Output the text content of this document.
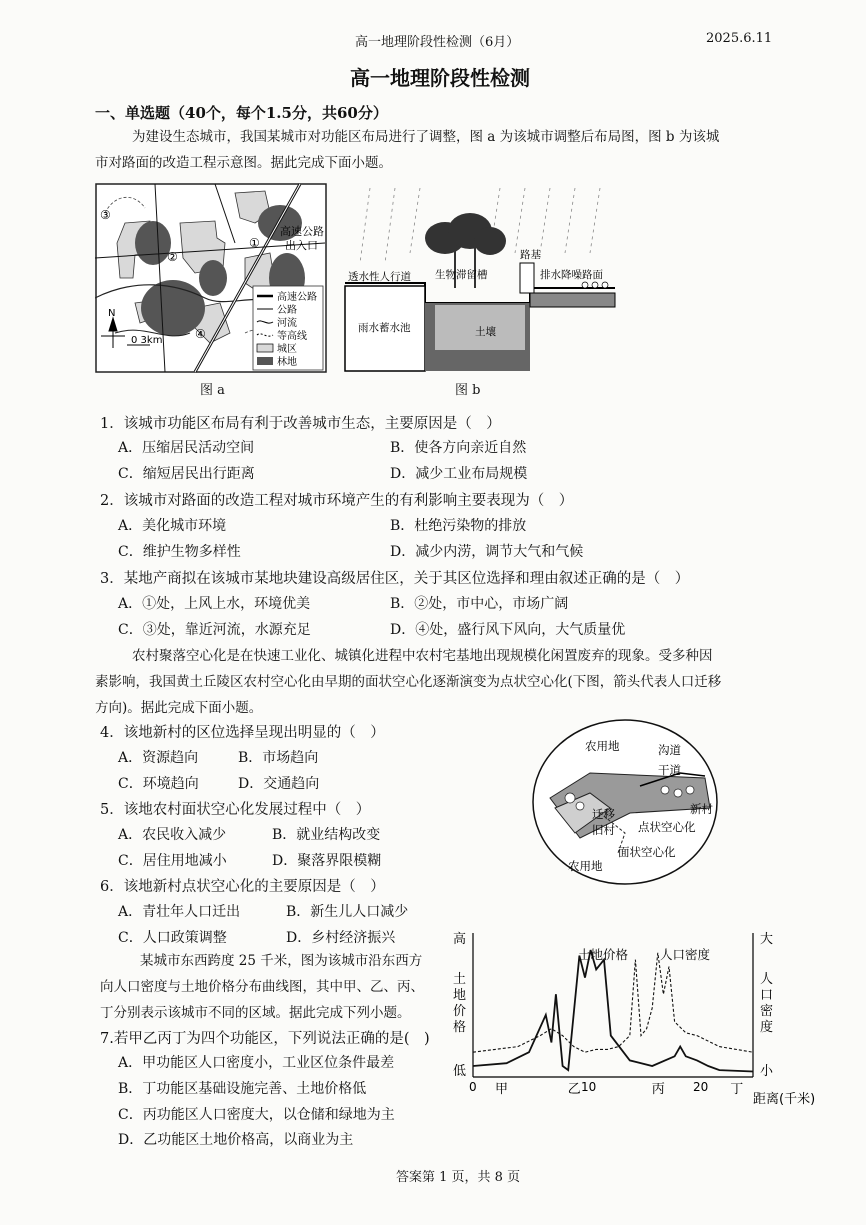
高一地理阶段性检测（6月）	2025.6.11
高一地理阶段性检测
一、单选题（40个，每个1.5分，共60分）
为建设生态城市，我国某城市对功能区布局进行了调整，图 a 为该城市调整后布局图，图 b 为该城
市对路面的改造工程示意图。据此完成下面小题。
③
②
①
④
高速公路
出入口
高速公路
公路
河流
等高线
城区
林地
N
0 3km
图 a
透水性人行道 生物滞留槽
路基
排水降噪路面
雨水蓄水池	土壤
图 b
1．该城市功能区布局有利于改善城市生态，主要原因是（　）
A．压缩居民活动空间	B．使各方向亲近自然
C．缩短居民出行距离	D．减少工业布局规模
2．该城市对路面的改造工程对城市环境产生的有利影响主要表现为（　）
A．美化城市环境	B．杜绝污染物的排放
C．维护生物多样性	D．减少内涝，调节大气和气候
3．某地产商拟在该城市某地块建设高级居住区，关于其区位选择和理由叙述正确的是（　）
A．①处，上风上水，环境优美	B．②处，市中心，市场广阔
C．③处，靠近河流，水源充足	D．④处，盛行风下风向，大气质量优
农村聚落空心化是在快速工业化、城镇化进程中农村宅基地出现规模化闲置废弃的现象。受多种因
素影响，我国黄土丘陵区农村空心化由早期的面状空心化逐渐演变为点状空心化(下图，箭头代表人口迁移
方向)。据此完成下面小题。
4．该地新村的区位选择呈现出明显的（　）
A．资源趋向	B．市场趋向
C．环境趋向	D．交通趋向
5．该地农村面状空心化发展过程中（　）
A．农民收入减少	B．就业结构改变
C．居住用地减小	D．聚落界限模糊
6．该地新村点状空心化的主要原因是（　）
A．青壮年人口迁出	B．新生儿人口减少
C．人口政策调整	D．乡村经济振兴
农用地	沟道
干道
新村
迁移
旧村 点状空心化
面状空心化
农用地
某城市东西跨度 25 千米，图为该城市沿东西方
向人口密度与土地价格分布曲线图，其中甲、乙、丙、
丁分别表示该城市不同的区域。据此完成下列小题。
7.若甲乙丙丁为四个功能区，下列说法正确的是(　)
A．甲功能区人口密度小，工业区位条件最差
B．丁功能区基础设施完善、土地价格低
C．丙功能区人口密度大，以仓储和绿地为主
D．乙功能区土地价格高，以商业为主
高
低
大
小
土
地
价
格
人
口
密
度
0	10	20
甲	乙	丙	丁
距离(千米)
土地价格	人口密度
答案第 1 页，共 8 页
